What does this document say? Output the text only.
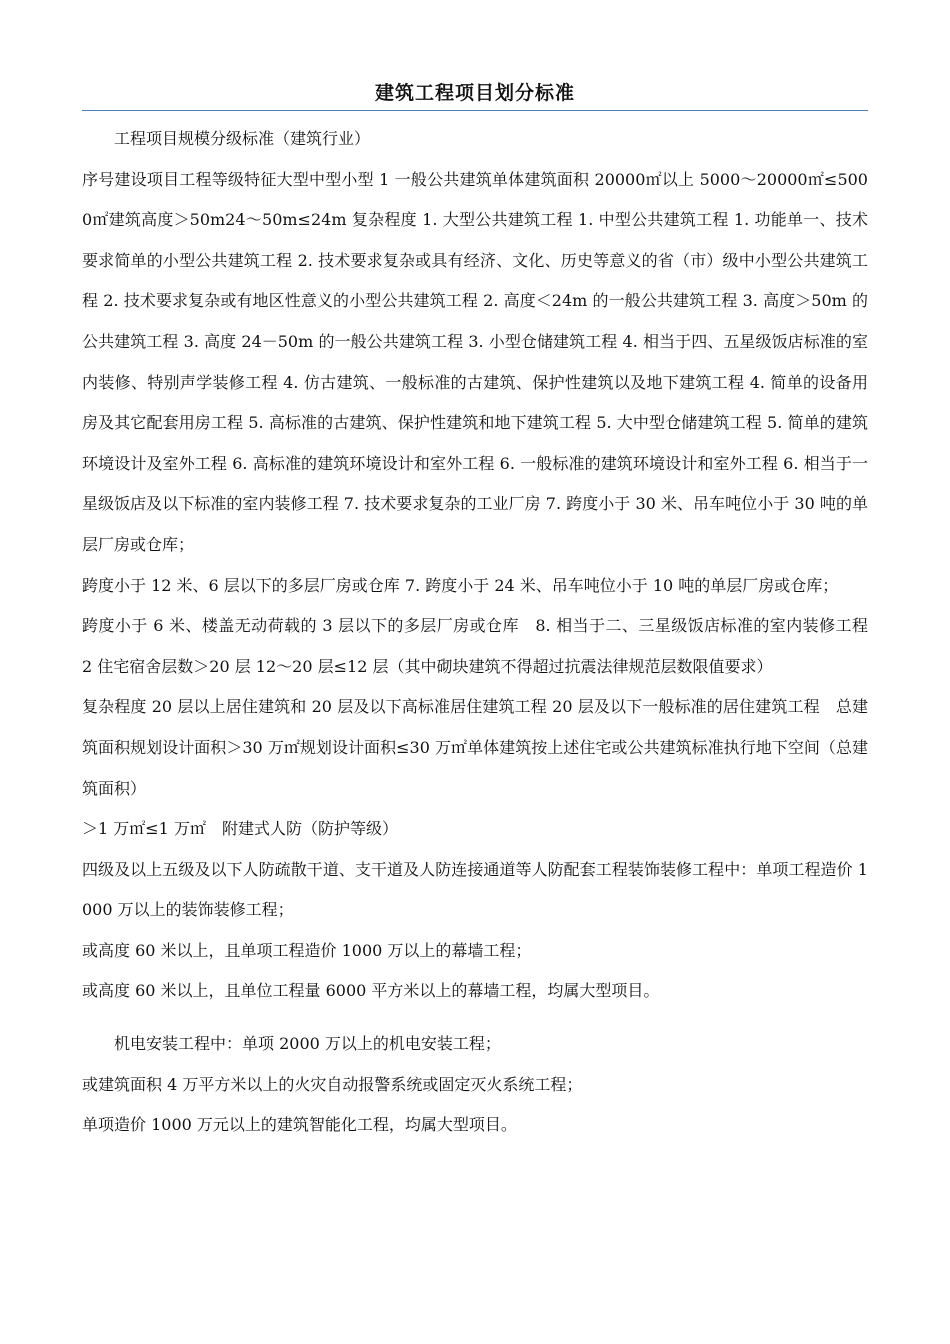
建筑工程项目划分标准

工程项目规模分级标准（建筑行业）

序号建设项目工程等级特征大型中型小型 1 一般公共建筑单体建筑面积 20000㎡以上 5000～20000㎡≤5000㎡建筑高度＞50m24～50m≤24m 复杂程度 1. 大型公共建筑工程 1. 中型公共建筑工程 1. 功能单一、技术要求简单的小型公共建筑工程 2. 技术要求复杂或具有经济、文化、历史等意义的省（市）级中小型公共建筑工程 2. 技术要求复杂或有地区性意义的小型公共建筑工程 2. 高度＜24m 的一般公共建筑工程 3. 高度＞50m 的公共建筑工程 3. 高度 24－50m 的一般公共建筑工程 3. 小型仓储建筑工程 4. 相当于四、五星级饭店标准的室内装修、特别声学装修工程 4. 仿古建筑、一般标准的古建筑、保护性建筑以及地下建筑工程 4. 简单的设备用房及其它配套用房工程 5. 高标准的古建筑、保护性建筑和地下建筑工程 5. 大中型仓储建筑工程 5. 简单的建筑环境设计及室外工程 6. 高标准的建筑环境设计和室外工程 6. 一般标准的建筑环境设计和室外工程 6. 相当于一星级饭店及以下标准的室内装修工程 7. 技术要求复杂的工业厂房 7. 跨度小于 30 米、吊车吨位小于 30 吨的单层厂房或仓库；

跨度小于 12 米、6 层以下的多层厂房或仓库 7. 跨度小于 24 米、吊车吨位小于 10 吨的单层厂房或仓库；

跨度小于 6 米、楼盖无动荷载的 3 层以下的多层厂房或仓库　8. 相当于二、三星级饭店标准的室内装修工程　2 住宅宿舍层数＞20 层 12～20 层≤12 层（其中砌块建筑不得超过抗震法律规范层数限值要求）

复杂程度 20 层以上居住建筑和 20 层及以下高标准居住建筑工程 20 层及以下一般标准的居住建筑工程　总建筑面积规划设计面积＞30 万㎡规划设计面积≤30 万㎡单体建筑按上述住宅或公共建筑标准执行地下空间（总建筑面积）

＞1 万㎡≤1 万㎡　附建式人防（防护等级）

四级及以上五级及以下人防疏散干道、支干道及人防连接通道等人防配套工程装饰装修工程中：单项工程造价 1000 万以上的装饰装修工程；

或高度 60 米以上，且单项工程造价 1000 万以上的幕墙工程；

或高度 60 米以上，且单位工程量 6000 平方米以上的幕墙工程，均属大型项目。

机电安装工程中：单项 2000 万以上的机电安装工程；

或建筑面积 4 万平方米以上的火灾自动报警系统或固定灭火系统工程；

单项造价 1000 万元以上的建筑智能化工程，均属大型项目。
